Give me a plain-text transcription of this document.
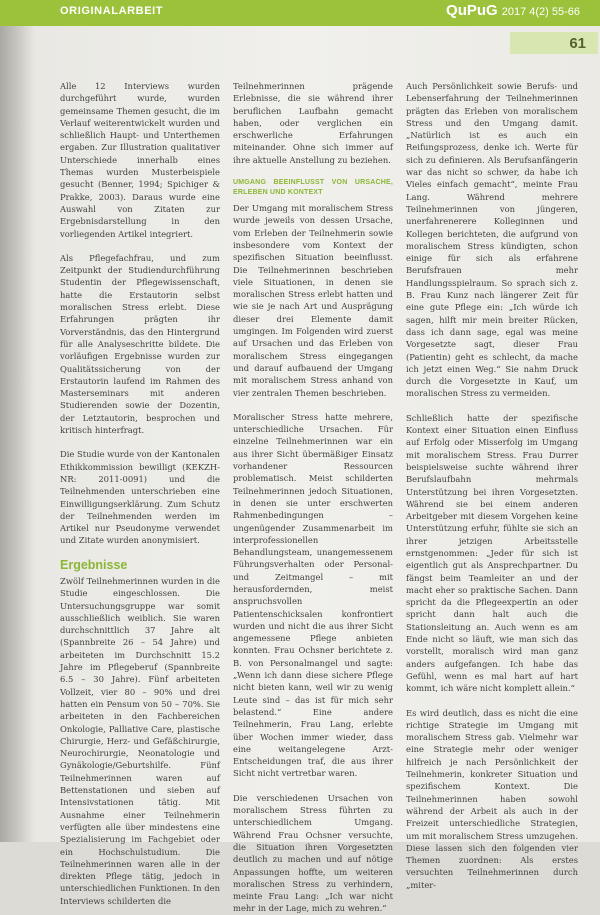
ORIGINALARBEIT	QuPuG 2017 4(2) 55-66
61

Alle 12 Interviews wurden durchgeführt wurde, wurden gemeinsame Themen gesucht, die im Verlauf weiterentwickelt wurden und schließlich Haupt- und Unterthemen ergaben. Zur Illustration qualitativer Unterschiede innerhalb eines Themas wurden Musterbeispiele gesucht (Benner, 1994; Spichiger & Prakke, 2003). Daraus wurde eine Auswahl von Zitaten zur Ergebnisdarstellung in den vorliegenden Artikel integriert.

Als Pflegefachfrau, und zum Zeitpunkt der Studiendurchführung Studentin der Pflegewissenschaft, hatte die Erstautorin selbst moralischen Stress erlebt. Diese Erfahrungen prägten ihr Vorverständnis, das den Hintergrund für alle Analyseschritte bildete. Die vorläufigen Ergebnisse wurden zur Qualitätssicherung von der Erstautorin laufend im Rahmen des Masterseminars mit anderen Studierenden sowie der Dozentin, der Letztautorin, besprochen und kritisch hinterfragt.

Die Studie wurde von der Kantonalen Ethikkommission bewilligt (KEKZH-NR: 2011-0091) und die Teilnehmenden unterschrieben eine Einwilligungserklärung. Zum Schutz der Teilnehmenden werden im Artikel nur Pseudonyme verwendet und Zitate wurden anonymisiert.

Ergebnisse

Zwölf Teilnehmerinnen wurden in die Studie eingeschlossen. Die Untersuchungsgruppe war somit ausschließlich weiblich. Sie waren durchschnittlich 37 Jahre alt (Spannbreite 26 – 54 Jahre) und arbeiteten im Durchschnitt 15.2 Jahre im Pflegeberuf (Spannbreite 6.5 – 30 Jahre). Fünf arbeiteten Vollzeit, vier 80 – 90% und drei hatten ein Pensum von 50 – 70%. Sie arbeiteten in den Fachbereichen Onkologie, Palliative Care, plastische Chirurgie, Herz- und Gefäßchirurgie, Neurochirurgie, Neonatologie und Gynäkologie/Geburtshilfe. Fünf Teilnehmerinnen waren auf Bettenstationen und sieben auf Intensivstationen tätig. Mit Ausnahme einer Teilnehmerin verfügten alle über mindestens eine Spezialisierung im Fachgebiet oder ein Hochschulstudium. Die Teilnehmerinnen waren alle in der direkten Pflege tätig, jedoch in unterschiedlichen Funktionen. In den Interviews schilderten die

Teilnehmerinnen prägende Erlebnisse, die sie während ihrer beruflichen Laufbahn gemacht haben, oder verglichen ein erschwerliche Erfahrungen miteinander. Ohne sich immer auf ihre aktuelle Anstellung zu beziehen.

UMGANG BEEINFLUSST VON URSACHE, ERLEBEN UND KONTEXT

Der Umgang mit moralischem Stress wurde jeweils von dessen Ursache, vom Erleben der Teilnehmerin sowie insbesondere vom Kontext der spezifischen Situation beeinflusst. Die Teilnehmerinnen beschrieben viele Situationen, in denen sie moralischen Stress erlebt hatten und wie sie je nach Art und Ausprägung dieser drei Elemente damit umgingen. Im Folgenden wird zuerst auf Ursachen und das Erleben von moralischem Stress eingegangen und darauf aufbauend der Umgang mit moralischem Stress anhand von vier zentralen Themen beschrieben.

Moralischer Stress hatte mehrere, unterschiedliche Ursachen. Für einzelne Teilnehmerinnen war ein aus ihrer Sicht übermäßiger Einsatz vorhandener Ressourcen problematisch. Meist schilderten Teilnehmerinnen jedoch Situationen, in denen sie unter erschwerten Rahmenbedingungen – ungenügender Zusammenarbeit im interprofessionellen Behandlungsteam, unangemessenem Führungsverhalten oder Personal- und Zeitmangel – mit herausfordernden, meist anspruchsvollen Patientenschicksalen konfrontiert wurden und nicht die aus ihrer Sicht angemessene Pflege anbieten konnten. Frau Ochsner berichtete z. B. von Personalmangel und sagte: „Wenn ich dann diese sichere Pflege nicht bieten kann, weil wir zu wenig Leute sind – das ist für mich sehr belastend.“ Eine andere Teilnehmerin, Frau Lang, erlebte über Wochen immer wieder, dass eine weitangelegene Arzt-Entscheidungen traf, die aus ihrer Sicht nicht vertretbar waren.

Die verschiedenen Ursachen von moralischem Stress führten zu unterschiedlichem Umgang. Während Frau Ochsner versuchte, die Situation ihren Vorgesetzten deutlich zu machen und auf nötige Anpassungen hoffte, um weiteren moralischen Stress zu verhindern, meinte Frau Lang: „Ich war nicht mehr in der Lage, mich zu wehren.“

Auch Persönlichkeit sowie Berufs- und Lebenserfahrung der Teilnehmerinnen prägten das Erleben von moralischem Stress und den Umgang damit. „Natürlich ist es auch ein Reifungsprozess, denke ich. Werte für sich zu definieren. Als Berufsanfängerin war das nicht so schwer, da habe ich Vieles einfach gemacht“, meinte Frau Lang. Während mehrere Teilnehmerinnen von jüngeren, unerfahrenerere Kolleginnen und Kollegen berichteten, die aufgrund von moralischem Stress kündigten, schon einige für sich als erfahrene Berufsfrauen mehr Handlungsspielraum. So sprach sich z. B. Frau Kunz nach längerer Zeit für eine gute Pflege ein: „Ich würde ich sagen, hilft mir mein breiter Rücken, dass ich dann sage, egal was meine Vorgesetzte sagt, dieser Frau (Patientin) geht es schlecht, da mache ich jetzt einen Weg.“ Sie nahm Druck durch die Vorgesetzte in Kauf, um moralischen Stress zu vermeiden.

Schließlich hatte der spezifische Kontext einer Situation einen Einfluss auf Erfolg oder Misserfolg im Umgang mit moralischem Stress. Frau Durrer beispielsweise suchte während ihrer Berufslaufbahn mehrmals Unterstützung bei ihren Vorgesetzten. Während sie bei einem anderen Arbeitgeber mit diesem Vorgehen keine Unterstützung erfuhr, fühlte sie sich an ihrer jetzigen Arbeitsstelle ernstgenommen: „Jeder für sich ist eigentlich gut als Ansprechpartner. Du fängst beim Teamleiter an und der macht eher so praktische Sachen. Dann spricht da die Pflegeexpertin an oder spricht dann halt auch die Stationsleitung an. Auch wenn es am Ende nicht so läuft, wie man sich das vorstellt, moralisch wird man ganz anders aufgefangen. Ich habe das Gefühl, wenn es mal hart auf hart kommt, ich wäre nicht komplett allein.“

Es wird deutlich, dass es nicht die eine richtige Strategie im Umgang mit moralischem Stress gab. Vielmehr war eine Strategie mehr oder weniger hilfreich je nach Persönlichkeit der Teilnehmerin, konkreter Situation und spezifischem Kontext. Die Teilnehmerinnen haben sowohl während der Arbeit als auch in der Freizeit unterschiedliche Strategien, um mit moralischem Stress umzugehen. Diese lassen sich den folgenden vier Themen zuordnen: Als erstes versuchten Teilnehmerinnen durch „miter-
